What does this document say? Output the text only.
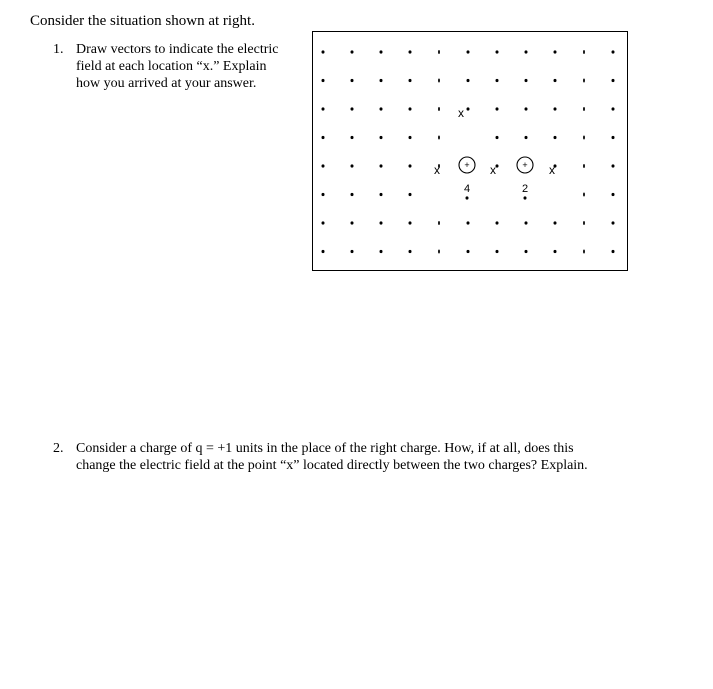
Consider the situation shown at right.
1. Draw vectors to indicate the electric
field at each location “x.” Explain
how you arrived at your answer.
x
x	x	x
+
4
+
2
2. Consider a charge of q = +1 units in the place of the right charge. How, if at all, does this
change the electric field at the point “x” located directly between the two charges? Explain.
